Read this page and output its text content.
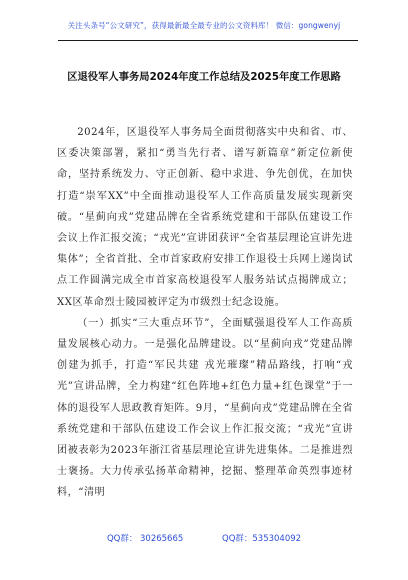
关注头条号“公文研究”，获得最新最全最专业的公文资料库！ 微信：gongwenyj
区退役军人事务局2024年度工作总结及2025年度工作思路

2024年，区退役军人事务局全面贯彻落实中央和省、市、区委决策部署，紧扣“勇当先行者、谱写新篇章”新定位新使命，坚持系统发力、守正创新、稳中求进、争先创优，在加快打造“崇军XX”中全面推动退役军人工作高质量发展实现新突破。“星蓟向戎”党建品牌在全省系统党建和干部队伍建设工作会议上作汇报交流；“戎光”宣讲团获评“全省基层理论宣讲先进集体”；全省首批、全市首家政府安排工作退役士兵网上递岗试点工作圆满完成全市首家高校退役军人服务站试点揭牌成立；XX区革命烈士陵园被评定为市级烈士纪念设施。

（一）抓实“三大重点环节”，全面赋强退役军人工作高质量发展核心动力。一是强化品牌建设。以“星蓟向戎”党建品牌创建为抓手，打造“军民共建 戎光璀璨”精品路线，打响“戎光”宣讲品牌，全力构建“红色阵地+红色力量+红色课堂”于一体的退役军人思政教育矩阵。9月，“星蓟向戎”党建品牌在全省系统党建和干部队伍建设工作会议上作汇报交流；“戎光”宣讲团被表彰为2023年浙江省基层理论宣讲先进集体。二是推进烈士褒扬。大力传承弘扬革命精神，挖掘、整理革命英烈事迹材料，“清明

QQ群： 30265665	QQ群：535304092
